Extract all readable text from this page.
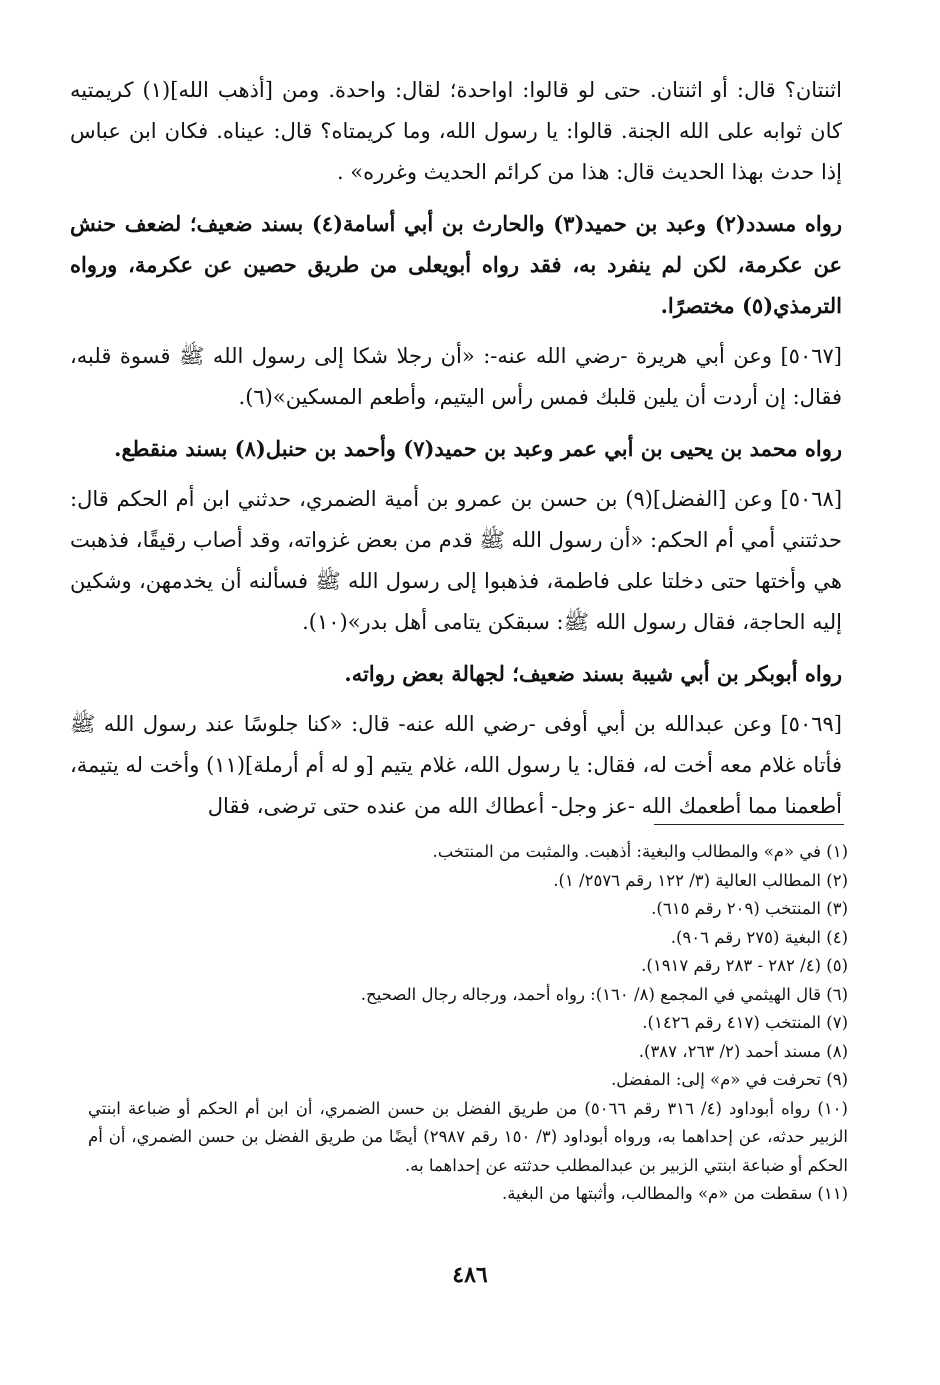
اثنتان؟ قال: أو اثنتان. حتى لو قالوا: اواحدة؛ لقال: واحدة. ومن [أذهب الله](١) كريمتيه كان ثوابه على الله الجنة. قالوا: يا رسول الله، وما كريمتاه؟ قال: عيناه. فكان ابن عباس إذا حدث بهذا الحديث قال: هذا من كرائم الحديث وغرره» .

رواه مسدد(٢) وعبد بن حميد(٣) والحارث بن أبي أسامة(٤) بسند ضعيف؛ لضعف حنش عن عكرمة، لكن لم ينفرد به، فقد رواه أبويعلى من طريق حصين عن عكرمة، ورواه الترمذي(٥) مختصرًا.

[٥٠٦٧] وعن أبي هريرة -رضي الله عنه-: «أن رجلا شكا إلى رسول الله ﷺ قسوة قلبه، فقال: إن أردت أن يلين قلبك فمس رأس اليتيم، وأطعم المسكين»(٦).

رواه محمد بن يحيى بن أبي عمر وعبد بن حميد(٧) وأحمد بن حنبل(٨) بسند منقطع.

[٥٠٦٨] وعن [الفضل](٩) بن حسن بن عمرو بن أمية الضمري، حدثني ابن أم الحكم قال: حدثتني أمي أم الحكم: «أن رسول الله ﷺ قدم من بعض غزواته، وقد أصاب رقيقًا، فذهبت هي وأختها حتى دخلتا على فاطمة، فذهبوا إلى رسول الله ﷺ فسألنه أن يخدمهن، وشكين إليه الحاجة، فقال رسول الله ﷺ: سبقكن يتامى أهل بدر»(١٠).

رواه أبوبكر بن أبي شيبة بسند ضعيف؛ لجهالة بعض رواته.

[٥٠٦٩] وعن عبدالله بن أبي أوفى -رضي الله عنه- قال: «كنا جلوسًا عند رسول الله ﷺ فأتاه غلام معه أخت له، فقال: يا رسول الله، غلام يتيم [و له أم أرملة](١١) وأخت له يتيمة، أطعمنا مما أطعمك الله -عز وجل- أعطاك الله من عنده حتى ترضى، فقال

(١) في «م» والمطالب والبغية: أذهبت. والمثبت من المنتخب.
(٢) المطالب العالية (٣/ ١٢٢ رقم ٢٥٧٦/ ١).
(٣) المنتخب (٢٠٩ رقم ٦١٥).
(٤) البغية (٢٧٥ رقم ٩٠٦).
(٥) (٤/ ٢٨٢ - ٢٨٣ رقم ١٩١٧).
(٦) قال الهيثمي في المجمع (٨/ ١٦٠): رواه أحمد، ورجاله رجال الصحيح.
(٧) المنتخب (٤١٧ رقم ١٤٢٦).
(٨) مسند أحمد (٢/ ٢٦٣، ٣٨٧).
(٩) تحرفت في «م» إلى: المفضل.
(١٠) رواه أبوداود (٤/ ٣١٦ رقم ٥٠٦٦) من طريق الفضل بن حسن الضمري، أن ابن أم الحكم أو ضباعة ابنتي الزبير حدثه، عن إحداهما به، ورواه أبوداود (٣/ ١٥٠ رقم ٢٩٨٧) أيضًا من طريق الفضل بن حسن الضمري، أن أم الحكم أو ضباعة ابنتي الزبير بن عبدالمطلب حدثته عن إحداهما به.
(١١) سقطت من «م» والمطالب، وأثبتها من البغية.
٤٨٦
